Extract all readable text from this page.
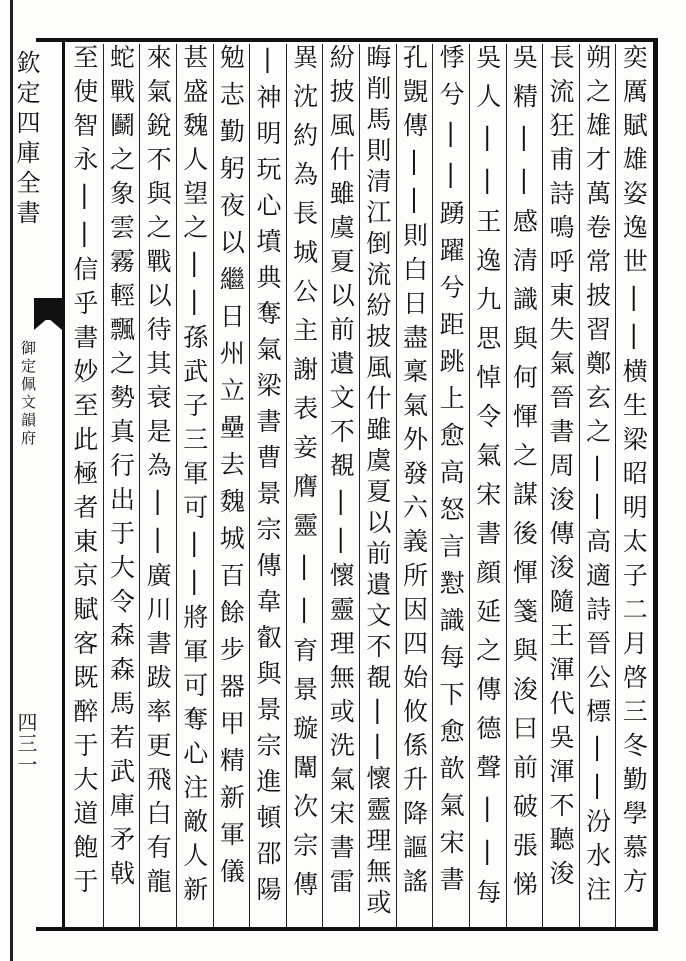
欽定四庫全書
御定佩文韻府
四三一	奕厲賦雄姿逸世||横生梁昭明太子二月啓三冬勤學慕方
朔之雄才萬卷常披習鄭玄之||高適詩晉公標||汾水注
長流狂甫詩鳴呼東失氣晉書周浚傳浚隨王渾代吳渾不聽浚
吳精||感清識與何惲之謀後惲箋與浚曰前破張悌
吳人||王逸九思悼令氣宋書顔延之傳德聲||每
悸兮||踴躍兮距跳上愈高怒言懟識每下愈歆氣宋書
孔覬傳||則白日盡稟氣外發六義所因四始攸係升降謳謠
晦削馬則清江倒流紛披風什雖虞夏以前遺文不覩||懷靈理無或
紛披風什雖虞夏以前遺文不覩||懷靈理無或洗氣宋書雷
異沈約為長城公主謝表妾膺靈||育景璇闈次宗傳
|神明玩心墳典奪氣梁書曹景宗傳韋叡與景宗進頓邵陽
勉志勤躬夜以繼日州立壘去魏城百餘步器甲精新軍儀
甚盛魏人望之||孫武子三軍可||將軍可奪心注敵人新
來氣銳不與之戰以待其衰是為||廣川書跋率更飛白有龍
蛇戰鬬之象雲霧輕飄之勢真行出于大令森森馬若武庫矛戟
至使智永||信乎書妙至此極者東京賦客既醉于大道飽于
